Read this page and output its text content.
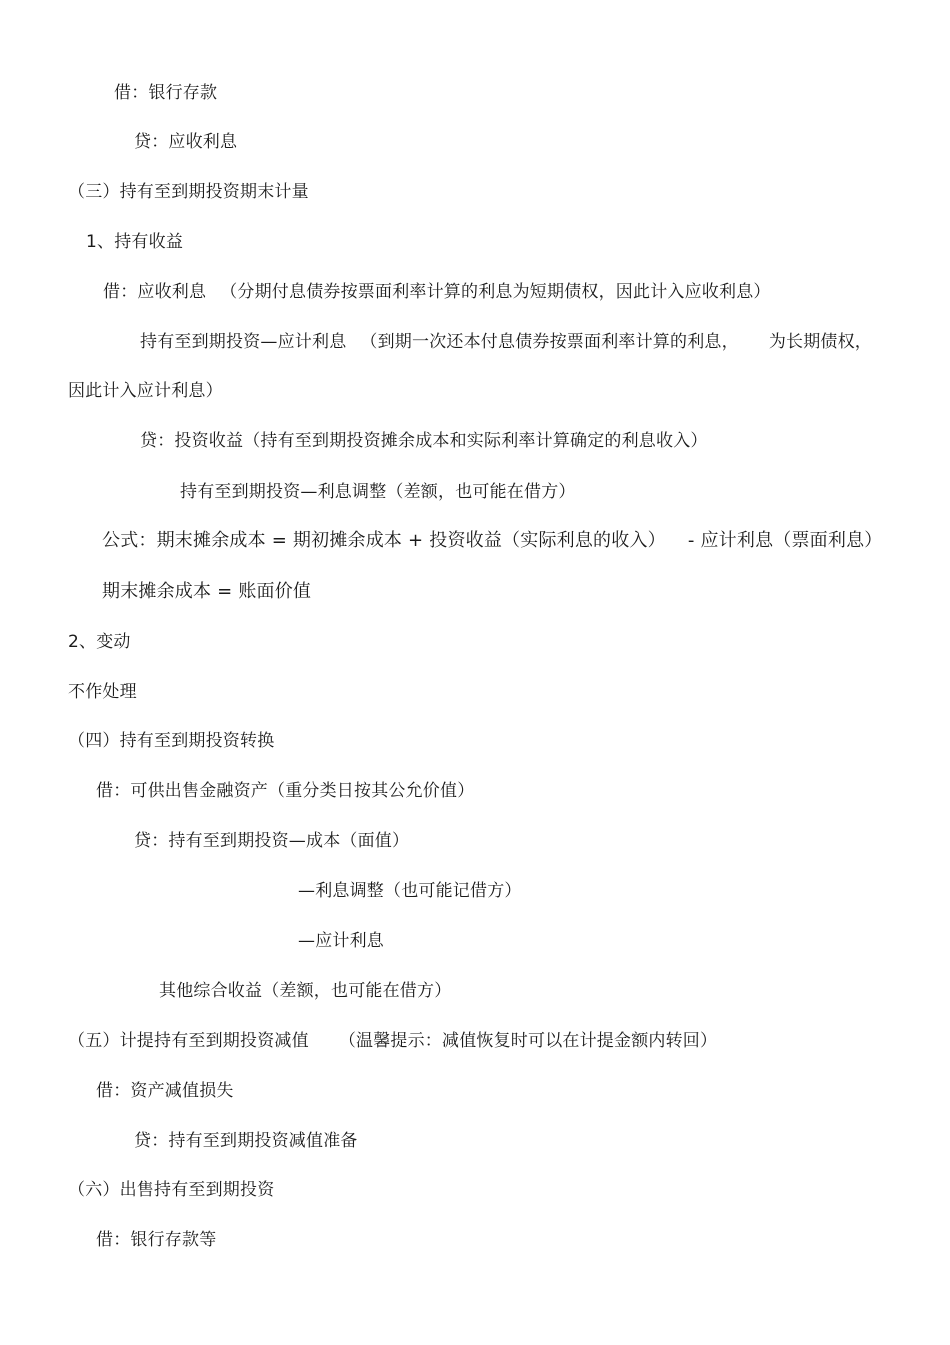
借：银行存款
贷：应收利息
（三）持有至到期投资期末计量
1、持有收益
借：应收利息 （分期付息债券按票面利率计算的利息为短期债权，因此计入应收利息）
持有至到期投资—应计利息 （到期一次还本付息债券按票面利率计算的利息， 为长期债权，
因此计入应计利息）
贷：投资收益（持有至到期投资摊余成本和实际利率计算确定的利息收入）
持有至到期投资—利息调整（差额，也可能在借方）
公式：期末摊余成本 = 期初摊余成本 + 投资收益（实际利息的收入） - 应计利息（票面利息）
期末摊余成本 = 账面价值
2、变动
不作处理
（四）持有至到期投资转换
借：可供出售金融资产（重分类日按其公允价值）
贷：持有至到期投资—成本（面值）
—利息调整（也可能记借方）
—应计利息
其他综合收益（差额，也可能在借方）
（五）计提持有至到期投资减值 （温馨提示：减值恢复时可以在计提金额内转回）
借：资产减值损失
贷：持有至到期投资减值准备
（六）出售持有至到期投资
借：银行存款等
